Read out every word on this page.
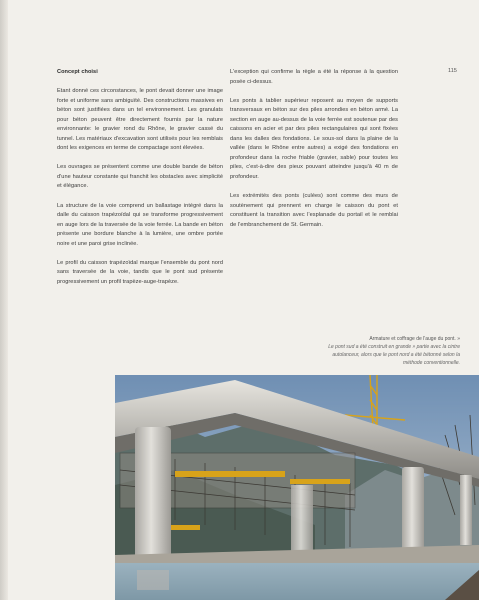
115

Concept choisi

Etant donné ces circonstances, le pont devait donner une image forte et uniforme sans ambiguïté. Des constructions massives en béton sont justifiées dans un tel environnement. Les granulats pour béton peuvent être directement fournis par la nature environnante: le gravier rond du Rhône, le gravier cassé du tunnel. Les matériaux d'excavation sont utilisés pour les remblais dont les exigences en terme de compactage sont élevées.

Les ouvrages se présentent comme une double bande de béton d'une hauteur constante qui franchit les obstacles avec simplicité et élégance.

La structure de la voie comprend un ballastage intégré dans la dalle du caisson trapézoïdal qui se transforme progressivement en auge lors de la traversée de la voie ferrée. La bande en béton présente une bordure blanche à la lumière, une ombre portée noire et une paroi grise inclinée.

Le profil du caisson trapézoïdal marque l'ensemble du pont nord sans traversée de la voie, tandis que le pont sud présente progressivement un profil trapèze-auge-trapèze.

L'exception qui confirme la règle a été la réponse à la question posée ci-dessus.

Les ponts à tablier supérieur reposent au moyen de supports transversaux en béton sur des piles arrondies en béton armé. La section en auge au-dessus de la voie ferrée est soutenue par des caissons en acier et par des piles rectangulaires qui sont fixées dans les dalles des fondations. Le sous-sol dans la plaine de la vallée (dans le Rhône entre autres) a exigé des fondations en profondeur dans la roche friable (gravier, sable) pour toutes les piles, c'est-à-dire des pieux pouvant atteindre jusqu'à 40 m de profondeur.

Les extrémités des ponts (culées) sont comme des murs de soutènement qui prennent en charge le caisson du pont et constituent la transition avec l'esplanade du portail et le remblai de l'embranchement de St. Germain.

Armature et coffrage de l'auge du pont. »
Le pont sud a été construit en grande » partie avec la cintre autolanceur, alors que le pont nord a été bétonné selon la méthode conventionnelle.
